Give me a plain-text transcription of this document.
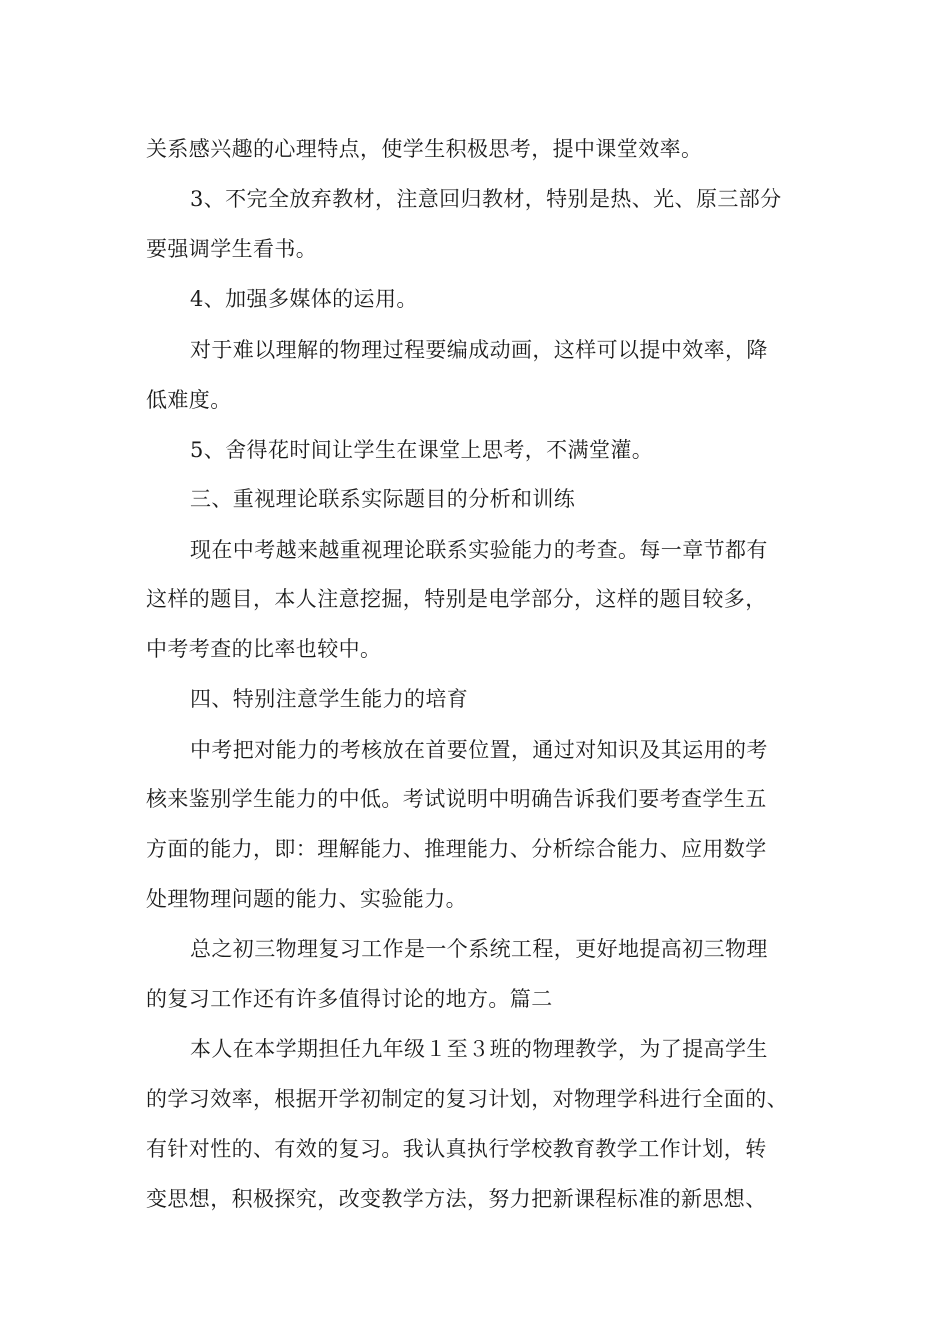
关系感兴趣的心理特点，使学生积极思考，提中课堂效率。
3、不完全放弃教材，注意回归教材，特别是热、光、原三部分
要强调学生看书。
4、加强多媒体的运用。
对于难以理解的物理过程要编成动画，这样可以提中效率，降
低难度。
5、舍得花时间让学生在课堂上思考，不满堂灌。
三、重视理论联系实际题目的分析和训练
现在中考越来越重视理论联系实验能力的考查。每一章节都有
这样的题目，本人注意挖掘，特别是电学部分，这样的题目较多，
中考考查的比率也较中。
四、特别注意学生能力的培育
中考把对能力的考核放在首要位置，通过对知识及其运用的考
核来鉴别学生能力的中低。考试说明中明确告诉我们要考查学生五
方面的能力，即：理解能力、推理能力、分析综合能力、应用数学
处理物理问题的能力、实验能力。
总之初三物理复习工作是一个系统工程，更好地提高初三物理
的复习工作还有许多值得讨论的地方。篇二
本人在本学期担任九年级１至３班的物理教学，为了提高学生
的学习效率，根据开学初制定的复习计划，对物理学科进行全面的、
有针对性的、有效的复习。我认真执行学校教育教学工作计划，转
变思想，积极探究，改变教学方法，努力把新课程标准的新思想、
